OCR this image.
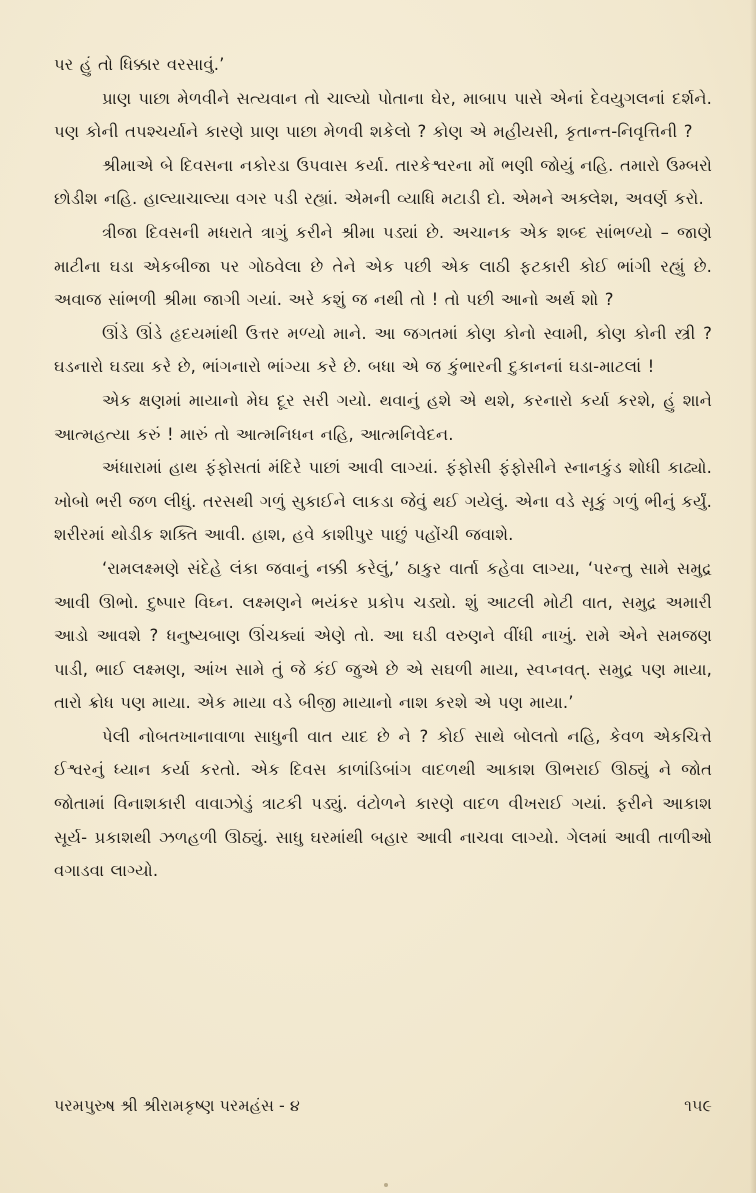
પર હું તો ધિક્કાર વરસાવું.’

પ્રાણ પાછા મેળવીને સત્યવાન તો ચાલ્યો પોતાના ઘેર, માબાપ પાસે એનાં દેવયુગલનાં દર્શને. પણ કોની તપશ્ચર્યાને કારણે પ્રાણ પાછા મેળવી શકેલો ? કોણ એ મહીયસી, કૃતાન્ત-નિવૃત્તિની ?

શ્રીમાએ બે દિવસના નકોરડા ઉપવાસ કર્યા. તારકેશ્વરના મોં ભણી જોયું નહિ. તમારો ઉમ્બરો છોડીશ નહિ. હાલ્યાચાલ્યા વગર પડી રહ્યાં. એમની વ્યાધિ મટાડી દો. એમને અક્લેશ, અવર્ણ કરો.

ત્રીજા દિવસની મધરાતે ત્રાગું કરીને શ્રીમા પડ્યાં છે. અચાનક એક શબ્દ સાંભળ્યો – જાણે માટીના ઘડા એકબીજા પર ગોઠવેલા છે તેને એક પછી એક લાઠી ફટકારી કોઈ ભાંગી રહ્યું છે. અવાજ સાંભળી શ્રીમા જાગી ગયાં. અરે કશું જ નથી તો ! તો પછી આનો અર્થ શો ?

ઊંડે ઊંડે હૃદયમાંથી ઉત્તર મળ્યો માને. આ જગતમાં કોણ કોનો સ્વામી, કોણ કોની સ્ત્રી ? ઘડનારો ઘડ્યા કરે છે, ભાંગનારો ભાંગ્યા કરે છે. બધા એ જ કુંભારની દુકાનનાં ઘડા-માટલાં !

એક ક્ષણમાં માયાનો મેઘ દૂર સરી ગયો. થવાનું હશે એ થશે, કરનારો કર્યા કરશે, હું શાને આત્મહત્યા કરું ! મારું તો આત્મનિધન નહિ, આત્મનિવેદન.

અંધારામાં હાથ ફંફોસતાં મંદિરે પાછાં આવી લાગ્યાં. ફંફોસી ફંફોસીને સ્નાનકુંડ શોધી કાઢ્યો. ખોબો ભરી જળ લીધું. તરસથી ગળું સુકાઈને લાકડા જેવું થઈ ગયેલું. એના વડે સૂકું ગળું ભીનું કર્યું. શરીરમાં થોડીક શક્તિ આવી. હાશ, હવે કાશીપુર પાછું પહોંચી જવાશે.

‘રામલક્ષ્મણે સંદેહે લંકા જવાનું નક્કી કરેલું,’ ઠાકુર વાર્તા કહેવા લાગ્યા, ‘પરન્તુ સામે સમુદ્ર આવી ઊભો. દુષ્પાર વિઘ્ન. લક્ષ્મણને ભયંકર પ્રકોપ ચડ્યો. શું આટલી મોટી વાત, સમુદ્ર અમારી આડો આવશે ? ધનુષ્યબાણ ઊંચક્યાં એણે તો. આ ઘડી વરુણને વીંધી નાખું. રામે એને સમજણ પાડી, ભાઈ લક્ષ્મણ, આંખ સામે તું જે કંઈ જુએ છે એ સઘળી માયા, સ્વપ્નવત્. સમુદ્ર પણ માયા, તારો ક્રોધ પણ માયા. એક માયા વડે બીજી માયાનો નાશ કરશે એ પણ માયા.’

પેલી નોબતખાનાવાળા સાધુની વાત યાદ છે ને ? કોઈ સાથે બોલતો નહિ, કેવળ એકચિત્તે ઈશ્વરનું ધ્યાન કર્યા કરતો. એક દિવસ કાળાંડિબાંગ વાદળથી આકાશ ઊભરાઈ ઊઠ્યું ને જોત જોતામાં વિનાશકારી વાવાઝોડું ત્રાટકી પડ્યું. વંટોળને કારણે વાદળ વીખરાઈ ગયાં. ફરીને આકાશ સૂર્ય- પ્રકાશથી ઝળહળી ઊઠ્યું. સાધુ ઘરમાંથી બહાર આવી નાચવા લાગ્યો. ગેલમાં આવી તાળીઓ વગાડવા લાગ્યો.

પરમપુરુષ શ્રી શ્રીરામકૃષ્ણ પરમહંસ - ૪	૧૫૯
